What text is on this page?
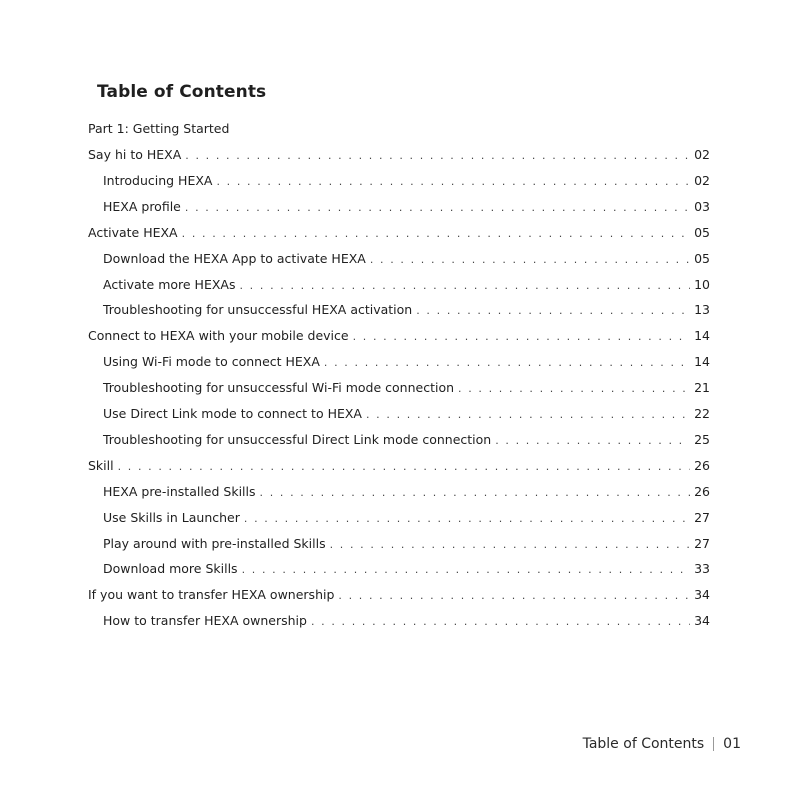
Table of Contents
Part 1: Getting Started
Say hi to HEXA . . .	02
Introducing HEXA . . .	02
HEXA profile . . .	03
Activate HEXA . . .	05
Download the HEXA App to activate HEXA . . .	05
Activate more HEXAs . . .	10
Troubleshooting for unsuccessful HEXA activation . . .	13
Connect to HEXA with your mobile device . . .	14
Using Wi-Fi mode to connect HEXA . . .	14
Troubleshooting for unsuccessful Wi-Fi mode connection . . .	21
Use Direct Link mode to connect to HEXA . . .	22
Troubleshooting for unsuccessful Direct Link mode connection . . .	25
Skill . . .	26
HEXA pre-installed Skills . . .	26
Use Skills in Launcher . . .	27
Play around with pre-installed Skills . . .	27
Download more Skills . . .	33
If you want to transfer HEXA ownership . . .	34
How to transfer HEXA ownership . . .	34
Table of Contents 01
